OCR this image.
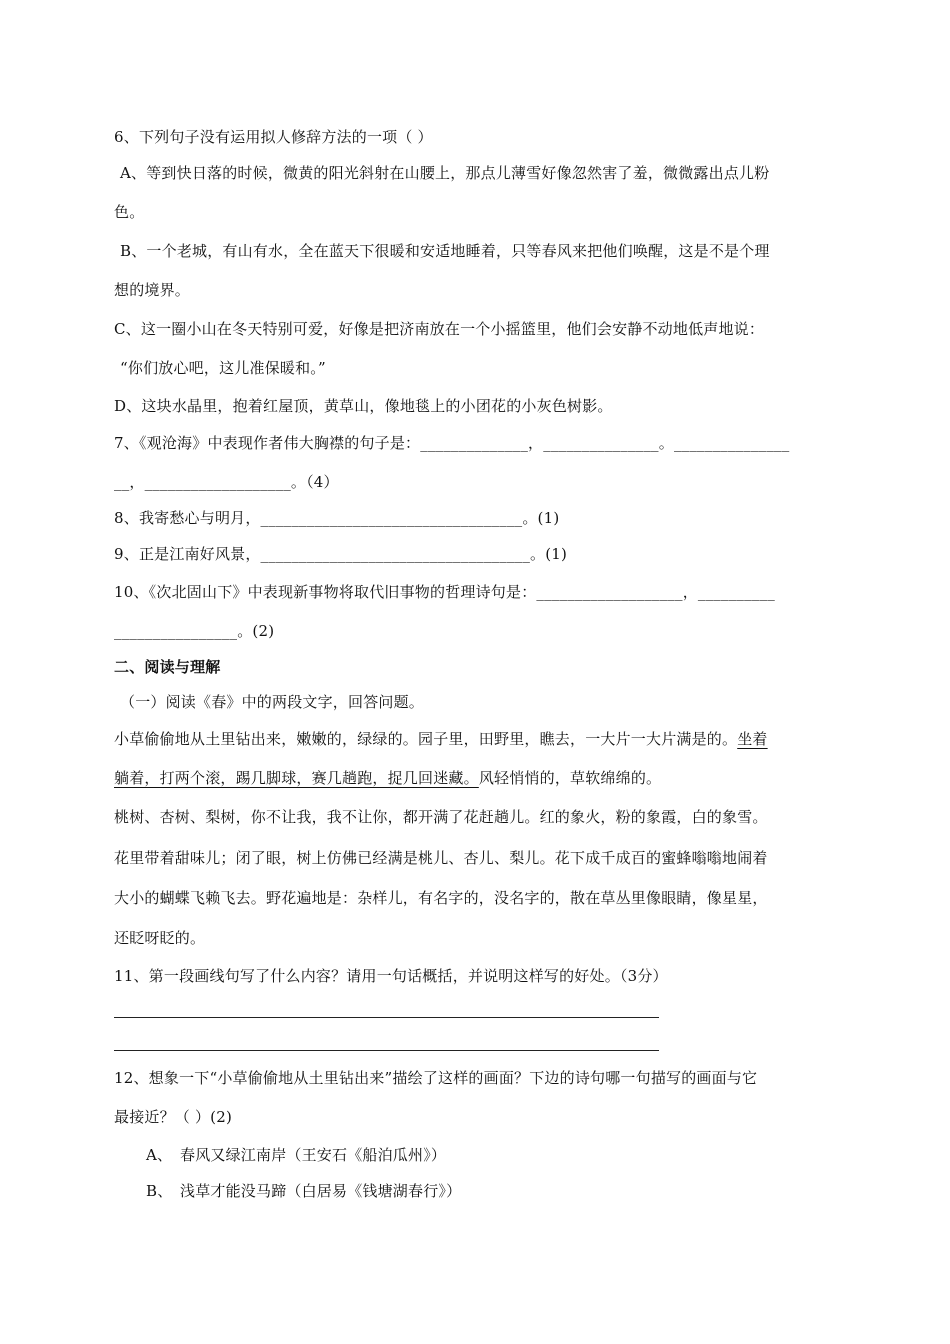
6、下列句子没有运用拟人修辞方法的一项（ ）
A、等到快日落的时候，微黄的阳光斜射在山腰上，那点儿薄雪好像忽然害了羞，微微露出点儿粉
色。
B、一个老城，有山有水，全在蓝天下很暖和安适地睡着，只等春风来把他们唤醒，这是不是个理
想的境界。
C、这一圈小山在冬天特别可爱，好像是把济南放在一个小摇篮里，他们会安静不动地低声地说：
“你们放心吧，这儿准保暖和。”
D、这块水晶里，抱着红屋顶，黄草山，像地毯上的小团花的小灰色树影。
7、《观沧海》中表现作者伟大胸襟的句子是：______________，_______________。_______________
__，___________________。（4）
8、我寄愁心与明月，__________________________________。(1)
9、正是江南好风景，___________________________________。(1)
10、《次北固山下》中表现新事物将取代旧事物的哲理诗句是：___________________，__________
________________。(2)
二、阅读与理解
（一）阅读《春》中的两段文字，回答问题。
小草偷偷地从土里钻出来，嫩嫩的，绿绿的。园子里，田野里，瞧去，一大片一大片满是的。坐着
躺着，打两个滚，踢几脚球，赛几趟跑，捉几回迷藏。风轻悄悄的，草软绵绵的。
桃树、杏树、梨树，你不让我，我不让你，都开满了花赶趟儿。红的象火，粉的象霞，白的象雪。
花里带着甜味儿；闭了眼，树上仿佛已经满是桃儿、杏儿、梨儿。花下成千成百的蜜蜂嗡嗡地闹着
大小的蝴蝶飞赖飞去。野花遍地是：杂样儿，有名字的，没名字的，散在草丛里像眼睛，像星星，
还眨呀眨的。
11、第一段画线句写了什么内容？请用一句话概括，并说明这样写的好处。（3分）
12、想象一下“小草偷偷地从土里钻出来”描绘了这样的画面？下边的诗句哪一句描写的画面与它
最接近？（ ）(2)
A、 春风又绿江南岸（王安石《船泊瓜州》）
B、 浅草才能没马蹄（白居易《钱塘湖春行》）
